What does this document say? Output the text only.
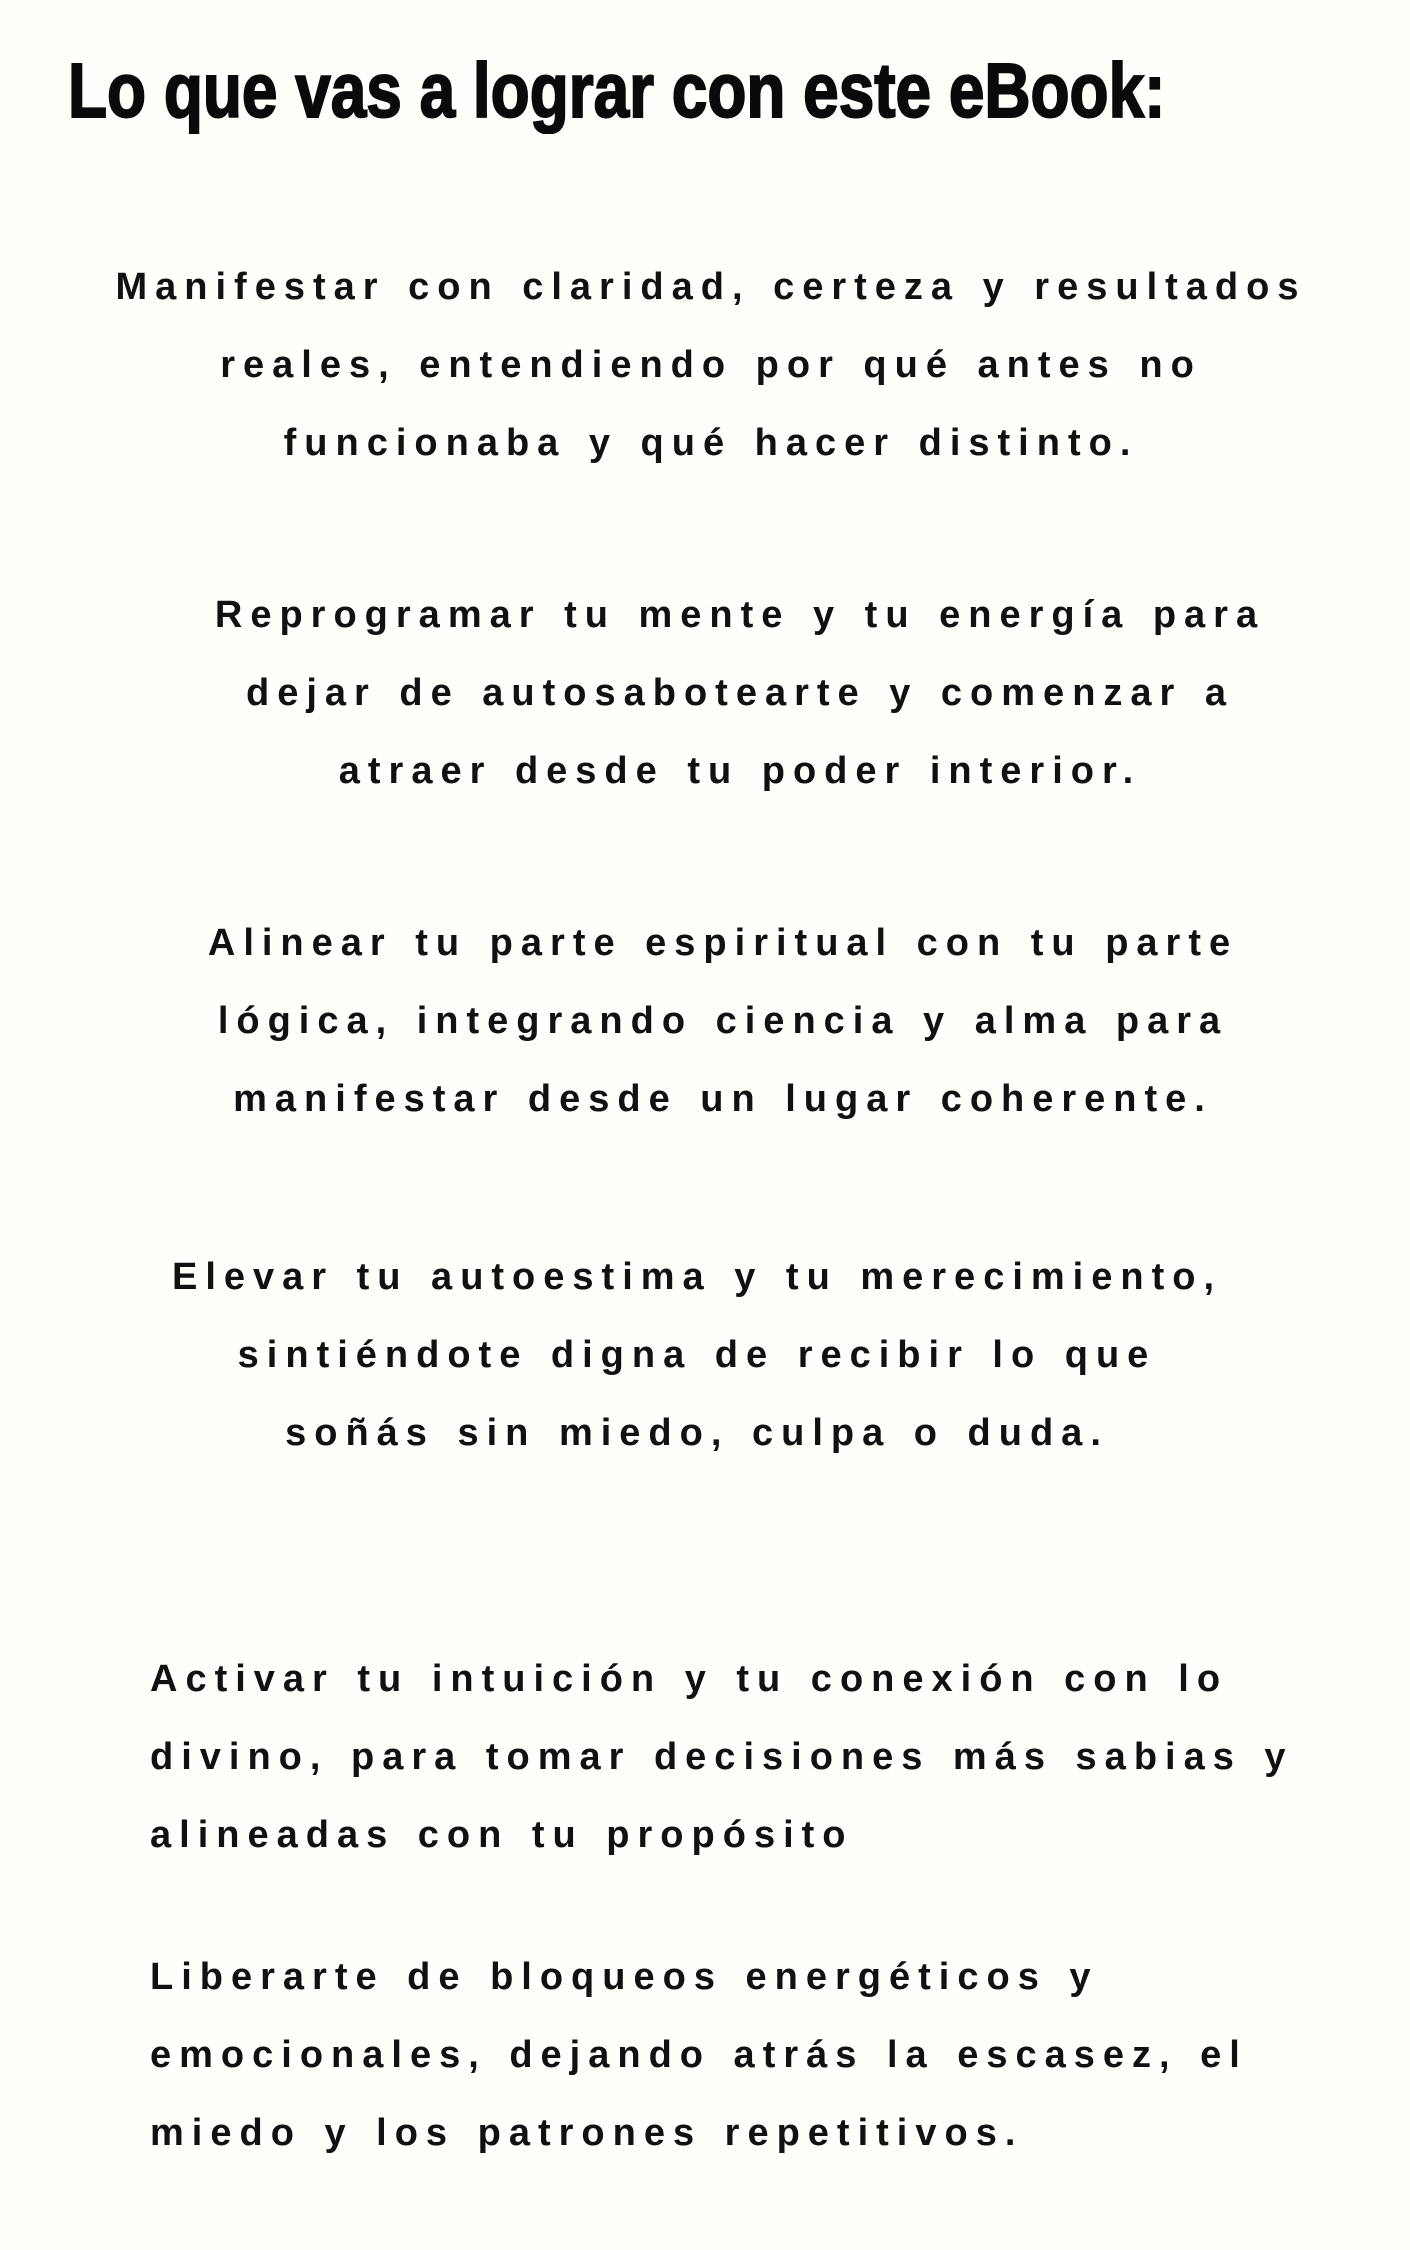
Lo que vas a lograr con este eBook:
Manifestar con claridad, certeza y resultados
reales, entendiendo por qué antes no
funcionaba y qué hacer distinto.
Reprogramar tu mente y tu energía para
dejar de autosabotearte y comenzar a
atraer desde tu poder interior.
Alinear tu parte espiritual con tu parte
lógica, integrando ciencia y alma para
manifestar desde un lugar coherente.
Elevar tu autoestima y tu merecimiento,
sintiéndote digna de recibir lo que
soñás sin miedo, culpa o duda.
Activar tu intuición y tu conexión con lo
divino, para tomar decisiones más sabias y
alineadas con tu propósito
Liberarte de bloqueos energéticos y
emocionales, dejando atrás la escasez, el
miedo y los patrones repetitivos.
